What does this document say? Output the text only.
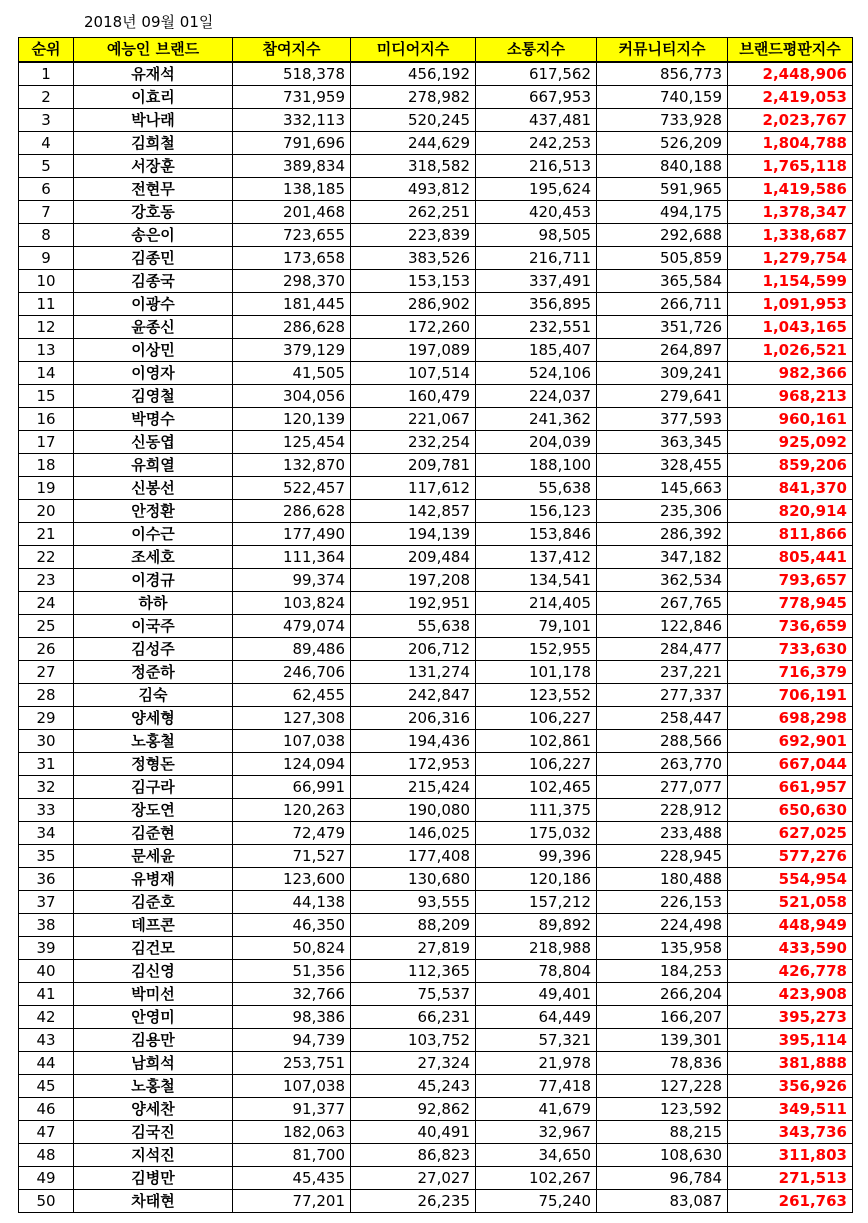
2018년 09월 01일
순위	예능인 브랜드	참여지수	미디어지수	소통지수	커뮤니티지수	브랜드평판지수
1	유재석	518,378	456,192	617,562	856,773	2,448,906
2	이효리	731,959	278,982	667,953	740,159	2,419,053
3	박나래	332,113	520,245	437,481	733,928	2,023,767
4	김희철	791,696	244,629	242,253	526,209	1,804,788
5	서장훈	389,834	318,582	216,513	840,188	1,765,118
6	전현무	138,185	493,812	195,624	591,965	1,419,586
7	강호동	201,468	262,251	420,453	494,175	1,378,347
8	송은이	723,655	223,839	98,505	292,688	1,338,687
9	김종민	173,658	383,526	216,711	505,859	1,279,754
10	김종국	298,370	153,153	337,491	365,584	1,154,599
11	이광수	181,445	286,902	356,895	266,711	1,091,953
12	윤종신	286,628	172,260	232,551	351,726	1,043,165
13	이상민	379,129	197,089	185,407	264,897	1,026,521
14	이영자	41,505	107,514	524,106	309,241	982,366
15	김영철	304,056	160,479	224,037	279,641	968,213
16	박명수	120,139	221,067	241,362	377,593	960,161
17	신동엽	125,454	232,254	204,039	363,345	925,092
18	유희열	132,870	209,781	188,100	328,455	859,206
19	신봉선	522,457	117,612	55,638	145,663	841,370
20	안정환	286,628	142,857	156,123	235,306	820,914
21	이수근	177,490	194,139	153,846	286,392	811,866
22	조세호	111,364	209,484	137,412	347,182	805,441
23	이경규	99,374	197,208	134,541	362,534	793,657
24	하하	103,824	192,951	214,405	267,765	778,945
25	이국주	479,074	55,638	79,101	122,846	736,659
26	김성주	89,486	206,712	152,955	284,477	733,630
27	정준하	246,706	131,274	101,178	237,221	716,379
28	김숙	62,455	242,847	123,552	277,337	706,191
29	양세형	127,308	206,316	106,227	258,447	698,298
30	노홍철	107,038	194,436	102,861	288,566	692,901
31	정형돈	124,094	172,953	106,227	263,770	667,044
32	김구라	66,991	215,424	102,465	277,077	661,957
33	장도연	120,263	190,080	111,375	228,912	650,630
34	김준현	72,479	146,025	175,032	233,488	627,025
35	문세윤	71,527	177,408	99,396	228,945	577,276
36	유병재	123,600	130,680	120,186	180,488	554,954
37	김준호	44,138	93,555	157,212	226,153	521,058
38	데프콘	46,350	88,209	89,892	224,498	448,949
39	김건모	50,824	27,819	218,988	135,958	433,590
40	김신영	51,356	112,365	78,804	184,253	426,778
41	박미선	32,766	75,537	49,401	266,204	423,908
42	안영미	98,386	66,231	64,449	166,207	395,273
43	김용만	94,739	103,752	57,321	139,301	395,114
44	남희석	253,751	27,324	21,978	78,836	381,888
45	노홍철	107,038	45,243	77,418	127,228	356,926
46	양세찬	91,377	92,862	41,679	123,592	349,511
47	김국진	182,063	40,491	32,967	88,215	343,736
48	지석진	81,700	86,823	34,650	108,630	311,803
49	김병만	45,435	27,027	102,267	96,784	271,513
50	차태현	77,201	26,235	75,240	83,087	261,763
